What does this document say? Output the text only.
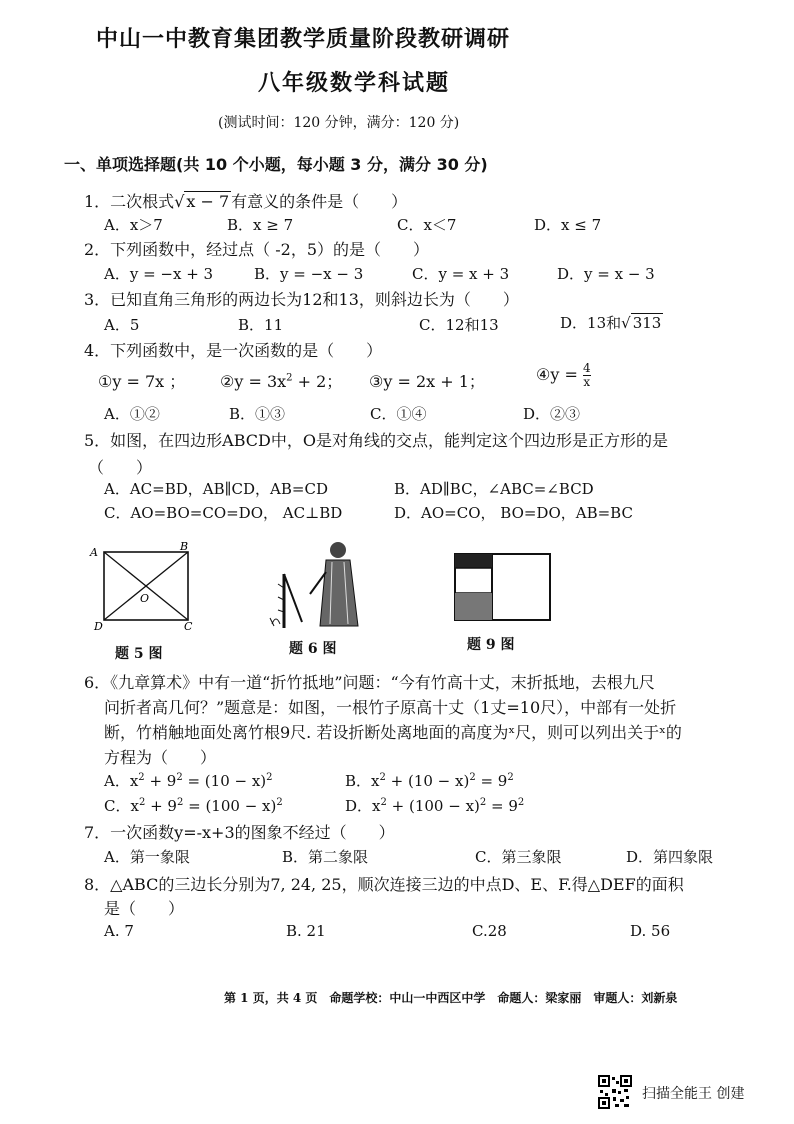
中山一中教育集团教学质量阶段教研调研
八年级数学科试题
(测试时间：120 分钟，满分：120 分)
一、单项选择题(共 10 个小题，每小题 3 分，满分 30 分)
1．二次根式√ x − 7 有意义的条件是（　　）
A．x＞7	B．x ≥ 7	C．x＜7	D．x ≤ 7
2．下列函数中，经过点（ -2，5）的是（　　）
A．y = −x + 3	B．y = −x − 3	C．y = x + 3	D．y = x − 3
3．已知直角三角形的两边长为12和13，则斜边长为（　　）
A．5	B．11	C．12和13	D．13和√ 313
4．下列函数中，是一次函数的是（　　）
①y = 7x ； ②y = $3x^2 + 2$； ③y = 2x + 1；	④y = $\frac{4}{x}$
A．①②	B．①③	C．①④	D．②③
5．如图，在四边形ABCD中，O是对角线的交点，能判定这个四边形是正方形的是
（　　）
A．AC=BD，AB∥CD，AB=CD	B．AD∥BC，∠ABC=∠BCD
C．AO=BO=CO=DO， AC⊥BD	D．AO=CO， BO=DO，AB=BC
A	B
C
D
O
题 5 图	题 6 图	题 9 图
6．《九章算术》中有一道“折竹抵地”问题：“今有竹高十丈，末折抵地，去根九尺
问折者高几何？”题意是：如图，一根竹子原高十丈（1丈=10尺），中部有一处折
断，竹梢触地面处离竹根9尺. 若设折断处离地面的高度为ˣ尺，则可以列出关于ˣ的
方程为（　　）
A．$x^2 + 9^2 = (10 - x)^2$	B．$x^2 + (10 - x)^2 = 9^2$
C．$x^2 + 9^2 = (100 - x)^2$	D．$x^2 + (100 - x)^2 = 9^2$
7．一次函数y=-x+3的图象不经过（　　）
A．第一象限	B．第二象限	C．第三象限	D．第四象限
8．△ABC的三边长分别为7, 24, 25，顺次连接三边的中点D、E、F.得△DEF的面积
是（　　）
A. 7	B. 21	C.28	D. 56
第 1 页，共 4 页　命题学校：中山一中西区中学　命题人：梁家丽　审题人：刘新泉
扫描全能王 创建
